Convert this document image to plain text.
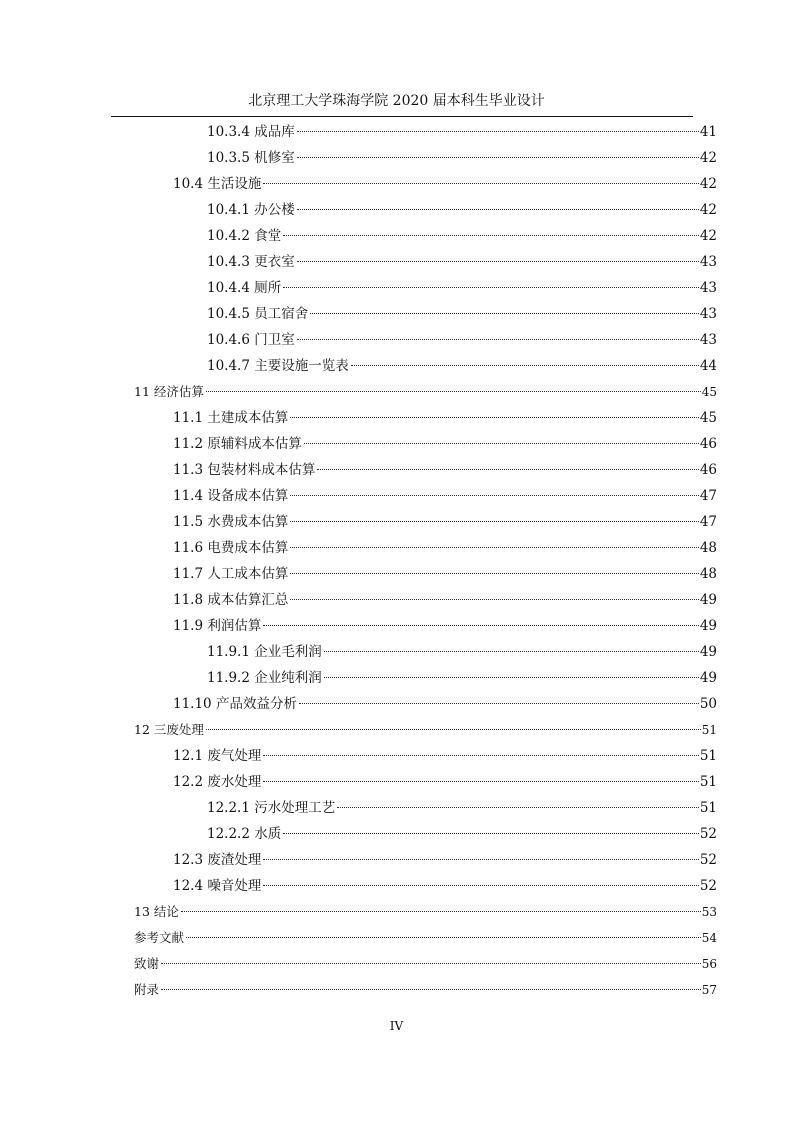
北京理工大学珠海学院 2020 届本科生毕业设计
10.3.4 成品库	41
10.3.5 机修室	42
10.4 生活设施	42
10.4.1 办公楼	42
10.4.2 食堂	42
10.4.3 更衣室	43
10.4.4 厕所	43
10.4.5 员工宿舍	43
10.4.6 门卫室	43
10.4.7 主要设施一览表	44
11 经济估算	45
11.1 土建成本估算	45
11.2 原辅料成本估算	46
11.3 包装材料成本估算	46
11.4 设备成本估算	47
11.5 水费成本估算	47
11.6 电费成本估算	48
11.7 人工成本估算	48
11.8 成本估算汇总	49
11.9 利润估算	49
11.9.1 企业毛利润	49
11.9.2 企业纯利润	49
11.10 产品效益分析	50
12 三废处理	51
12.1 废气处理	51
12.2 废水处理	51
12.2.1 污水处理工艺	51
12.2.2 水质	52
12.3 废渣处理	52
12.4 噪音处理	52
13 结论	53
参考文献	54
致谢	56
附录	57
IV
